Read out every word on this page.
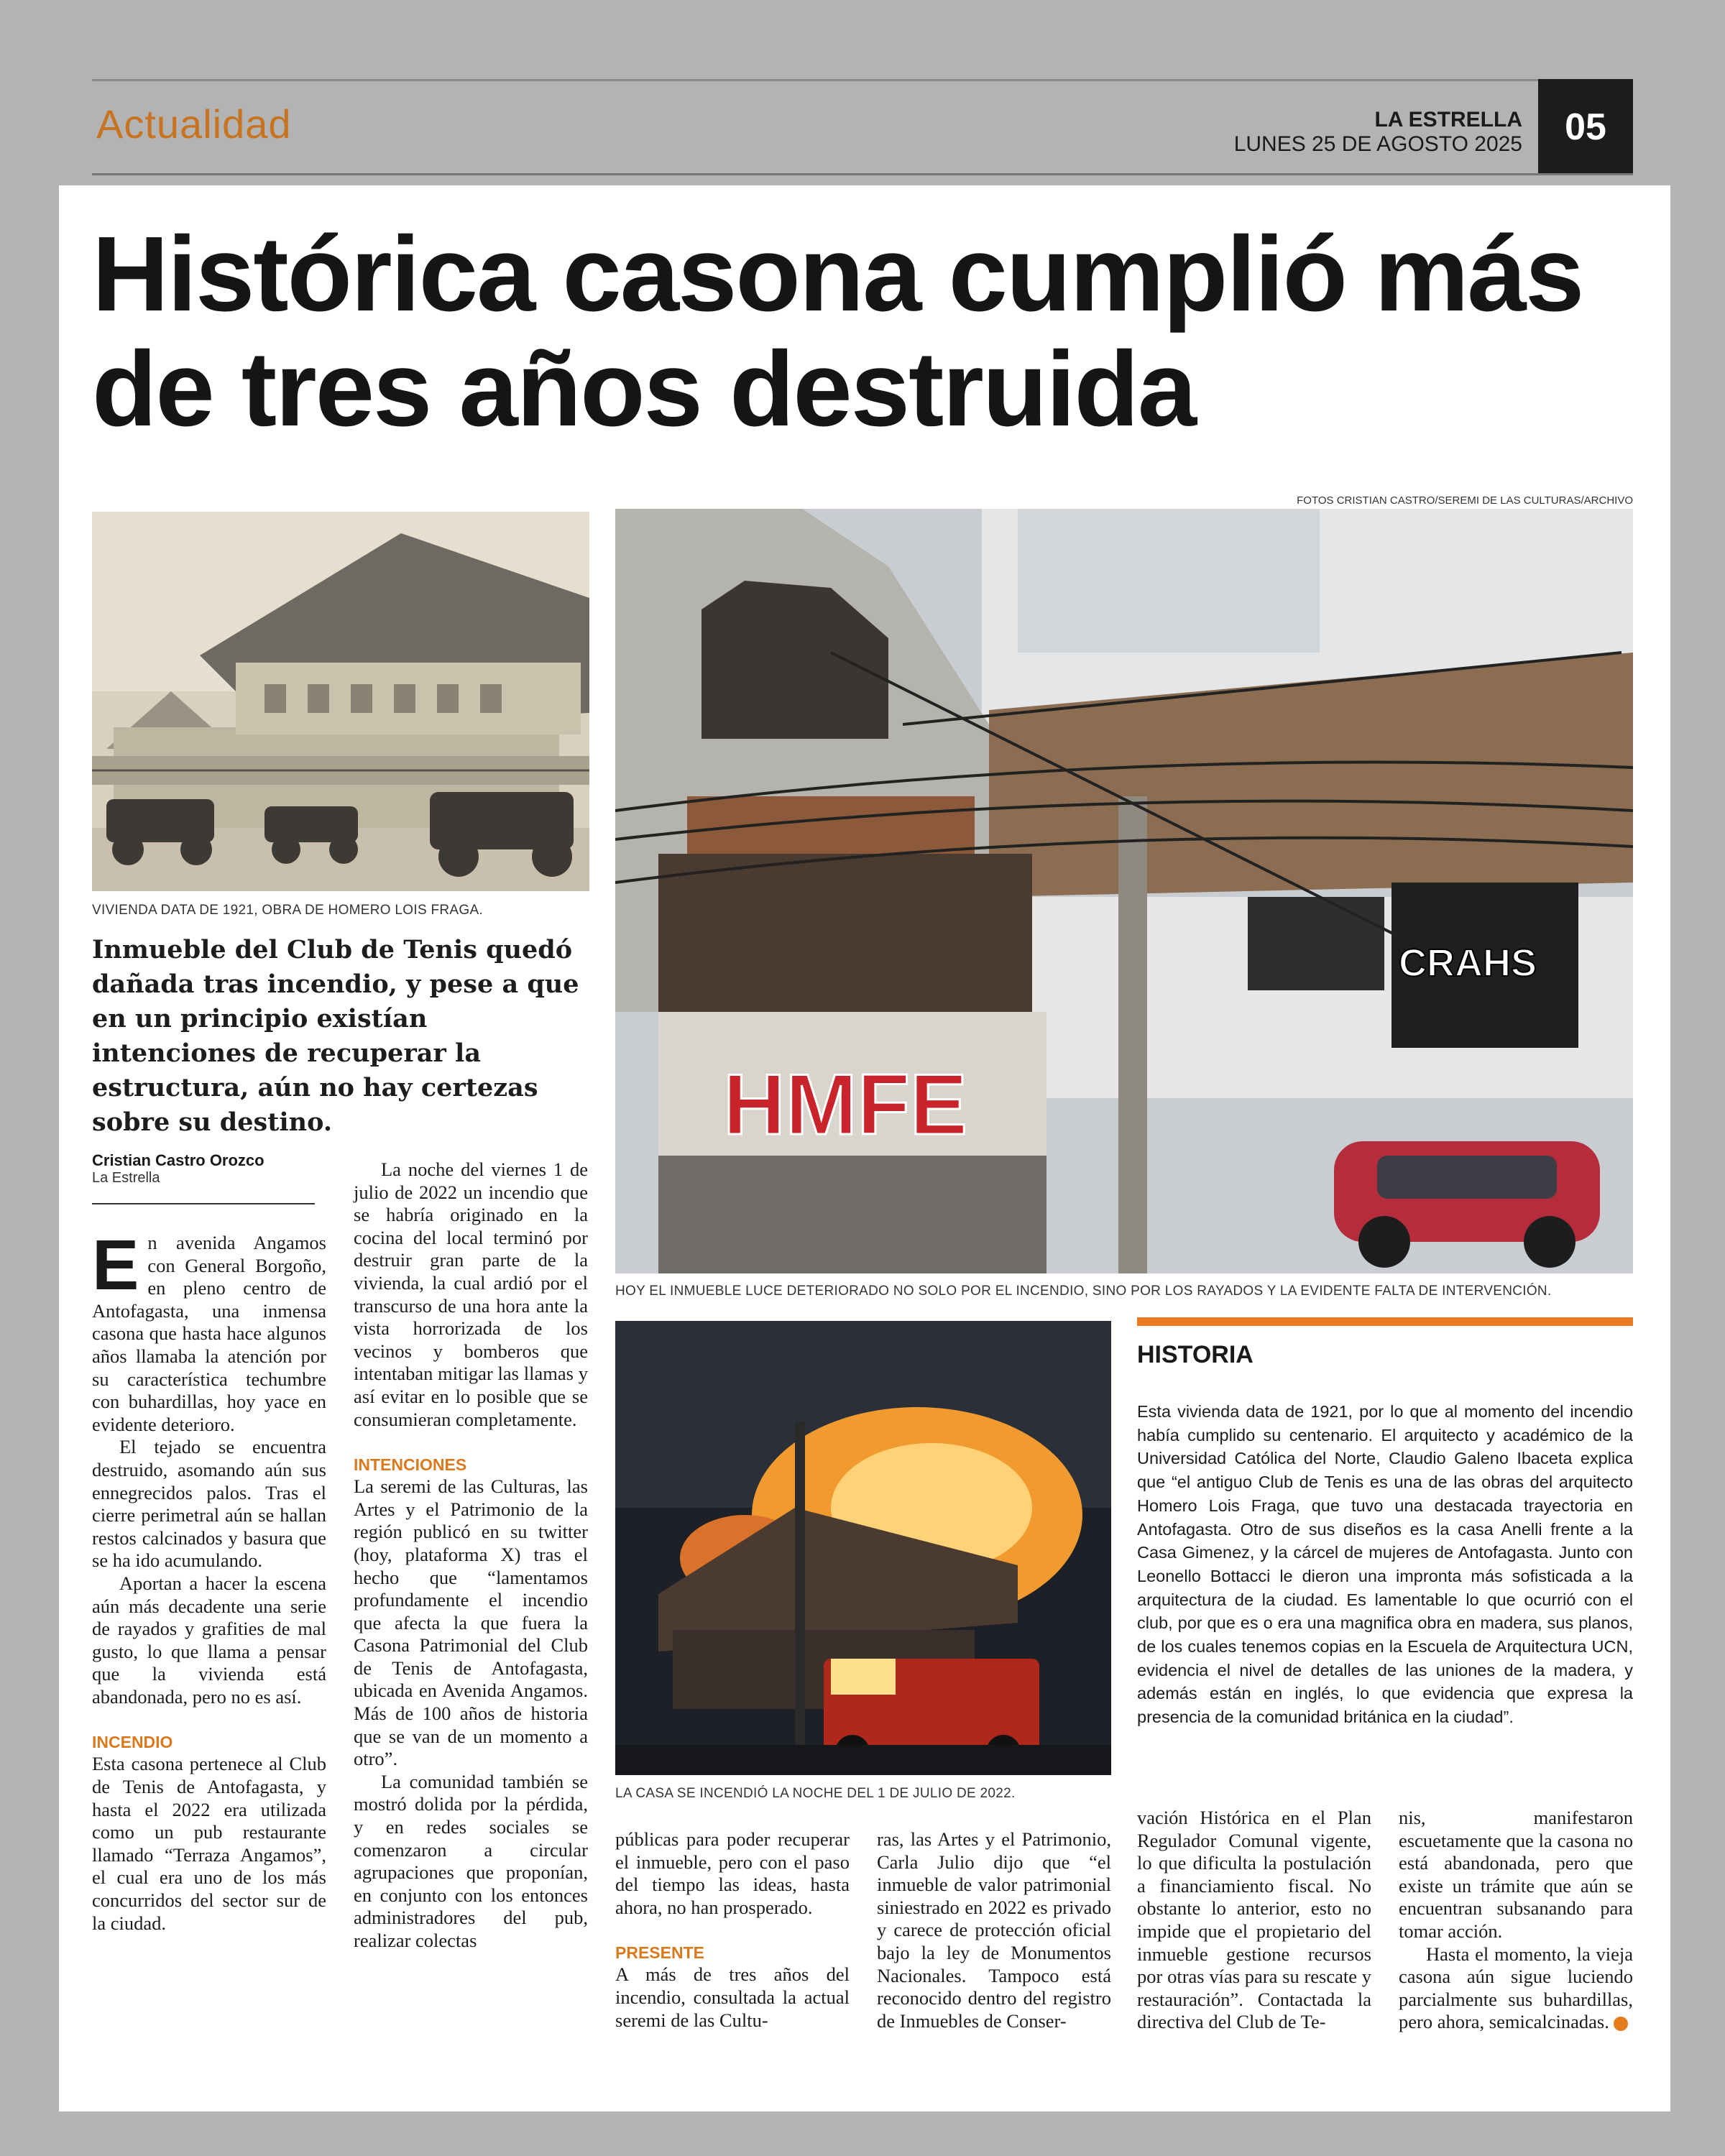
Actualidad	LA ESTRELLA
LUNES 25 DE AGOSTO 2025	05
Histórica casona cumplió más de tres años destruida
FOTOS CRISTIAN CASTRO/SEREMI DE LAS CULTURAS/ARCHIVO
VIVIENDA DATA DE 1921, OBRA DE HOMERO LOIS FRAGA.
HMFE
CRAHS
HOY EL INMUEBLE LUCE DETERIORADO NO SOLO POR EL INCENDIO, SINO POR LOS RAYADOS Y LA EVIDENTE FALTA DE INTERVENCIÓN.
LA CASA SE INCENDIÓ LA NOCHE DEL 1 DE JULIO DE 2022.

Inmueble del Club de Tenis quedó dañada tras incendio, y pese a que en un principio existían intenciones de recuperar la estructura, aún no hay certezas sobre su destino.

Cristian Castro Orozco
La Estrella

En avenida Angamos con General Borgoño, en pleno centro de Antofagasta, una inmensa casona que hasta hace algunos años llamaba la atención por su característica techumbre con buhardillas, hoy yace en evidente deterioro.

El tejado se encuentra destruido, asomando aún sus ennegrecidos palos. Tras el cierre perimetral aún se hallan restos calcinados y basura que se ha ido acumulando.

Aportan a hacer la escena aún más decadente una serie de rayados y grafities de mal gusto, lo que llama a pensar que la vivienda está abandonada, pero no es así.

INCENDIO

Esta casona pertenece al Club de Tenis de Antofagasta, y hasta el 2022 era utilizada como un pub restaurante llamado “Terraza Angamos”, el cual era uno de los más concurridos del sector sur de la ciudad.

La noche del viernes 1 de julio de 2022 un incendio que se habría originado en la cocina del local terminó por destruir gran parte de la vivienda, la cual ardió por el transcurso de una hora ante la vista horrorizada de los vecinos y bomberos que intentaban mitigar las llamas y así evitar en lo posible que se consumieran completamente.

INTENCIONES

La seremi de las Culturas, las Artes y el Patrimonio de la región publicó en su twitter (hoy, plataforma X) tras el hecho que “lamentamos profundamente el incendio que afecta la que fuera la Casona Patrimonial del Club de Tenis de Antofagasta, ubicada en Avenida Angamos. Más de 100 años de historia que se van de un momento a otro”.

La comunidad también se mostró dolida por la pérdida, y en redes sociales se comenzaron a circular agrupaciones que proponían, en conjunto con los entonces administradores del pub, realizar colectas

públicas para poder recuperar el inmueble, pero con el paso del tiempo las ideas, hasta ahora, no han prosperado.

PRESENTE

A más de tres años del incendio, consultada la actual seremi de las Cultu-

ras, las Artes y el Patrimonio, Carla Julio dijo que “el inmueble de valor patrimonial siniestrado en 2022 es privado y carece de protección oficial bajo la ley de Monumentos Nacionales. Tampoco está reconocido dentro del registro de Inmuebles de Conser-

HISTORIA

Esta vivienda data de 1921, por lo que al momento del incendio había cumplido su centenario. El arquitecto y académico de la Universidad Católica del Norte, Claudio Galeno Ibaceta explica que “el antiguo Club de Tenis es una de las obras del arquitecto Homero Lois Fraga, que tuvo una destacada trayectoria en Antofagasta. Otro de sus diseños es la casa Anelli frente a la Casa Gimenez, y la cárcel de mujeres de Antofagasta. Junto con Leonello Bottacci le dieron una impronta más sofisticada a la arquitectura de la ciudad. Es lamentable lo que ocurrió con el club, por que es o era una magnifica obra en madera, sus planos, de los cuales tenemos copias en la Escuela de Arquitectura UCN, evidencia el nivel de detalles de las uniones de la madera, y además están en inglés, lo que evidencia que expresa la presencia de la comunidad británica en la ciudad”.

vación Histórica en el Plan Regulador Comunal vigente, lo que dificulta la postulación a financiamiento fiscal. No obstante lo anterior, esto no impide que el propietario del inmueble gestione recursos por otras vías para su rescate y restauración”. Contactada la directiva del Club de Te-

nis, manifestaron escuetamente que la casona no está abandonada, pero que existe un trámite que aún se encuentran subsanando para tomar acción.

Hasta el momento, la vieja casona aún sigue luciendo parcialmente sus buhardillas, pero ahora, semicalcinadas.	+
